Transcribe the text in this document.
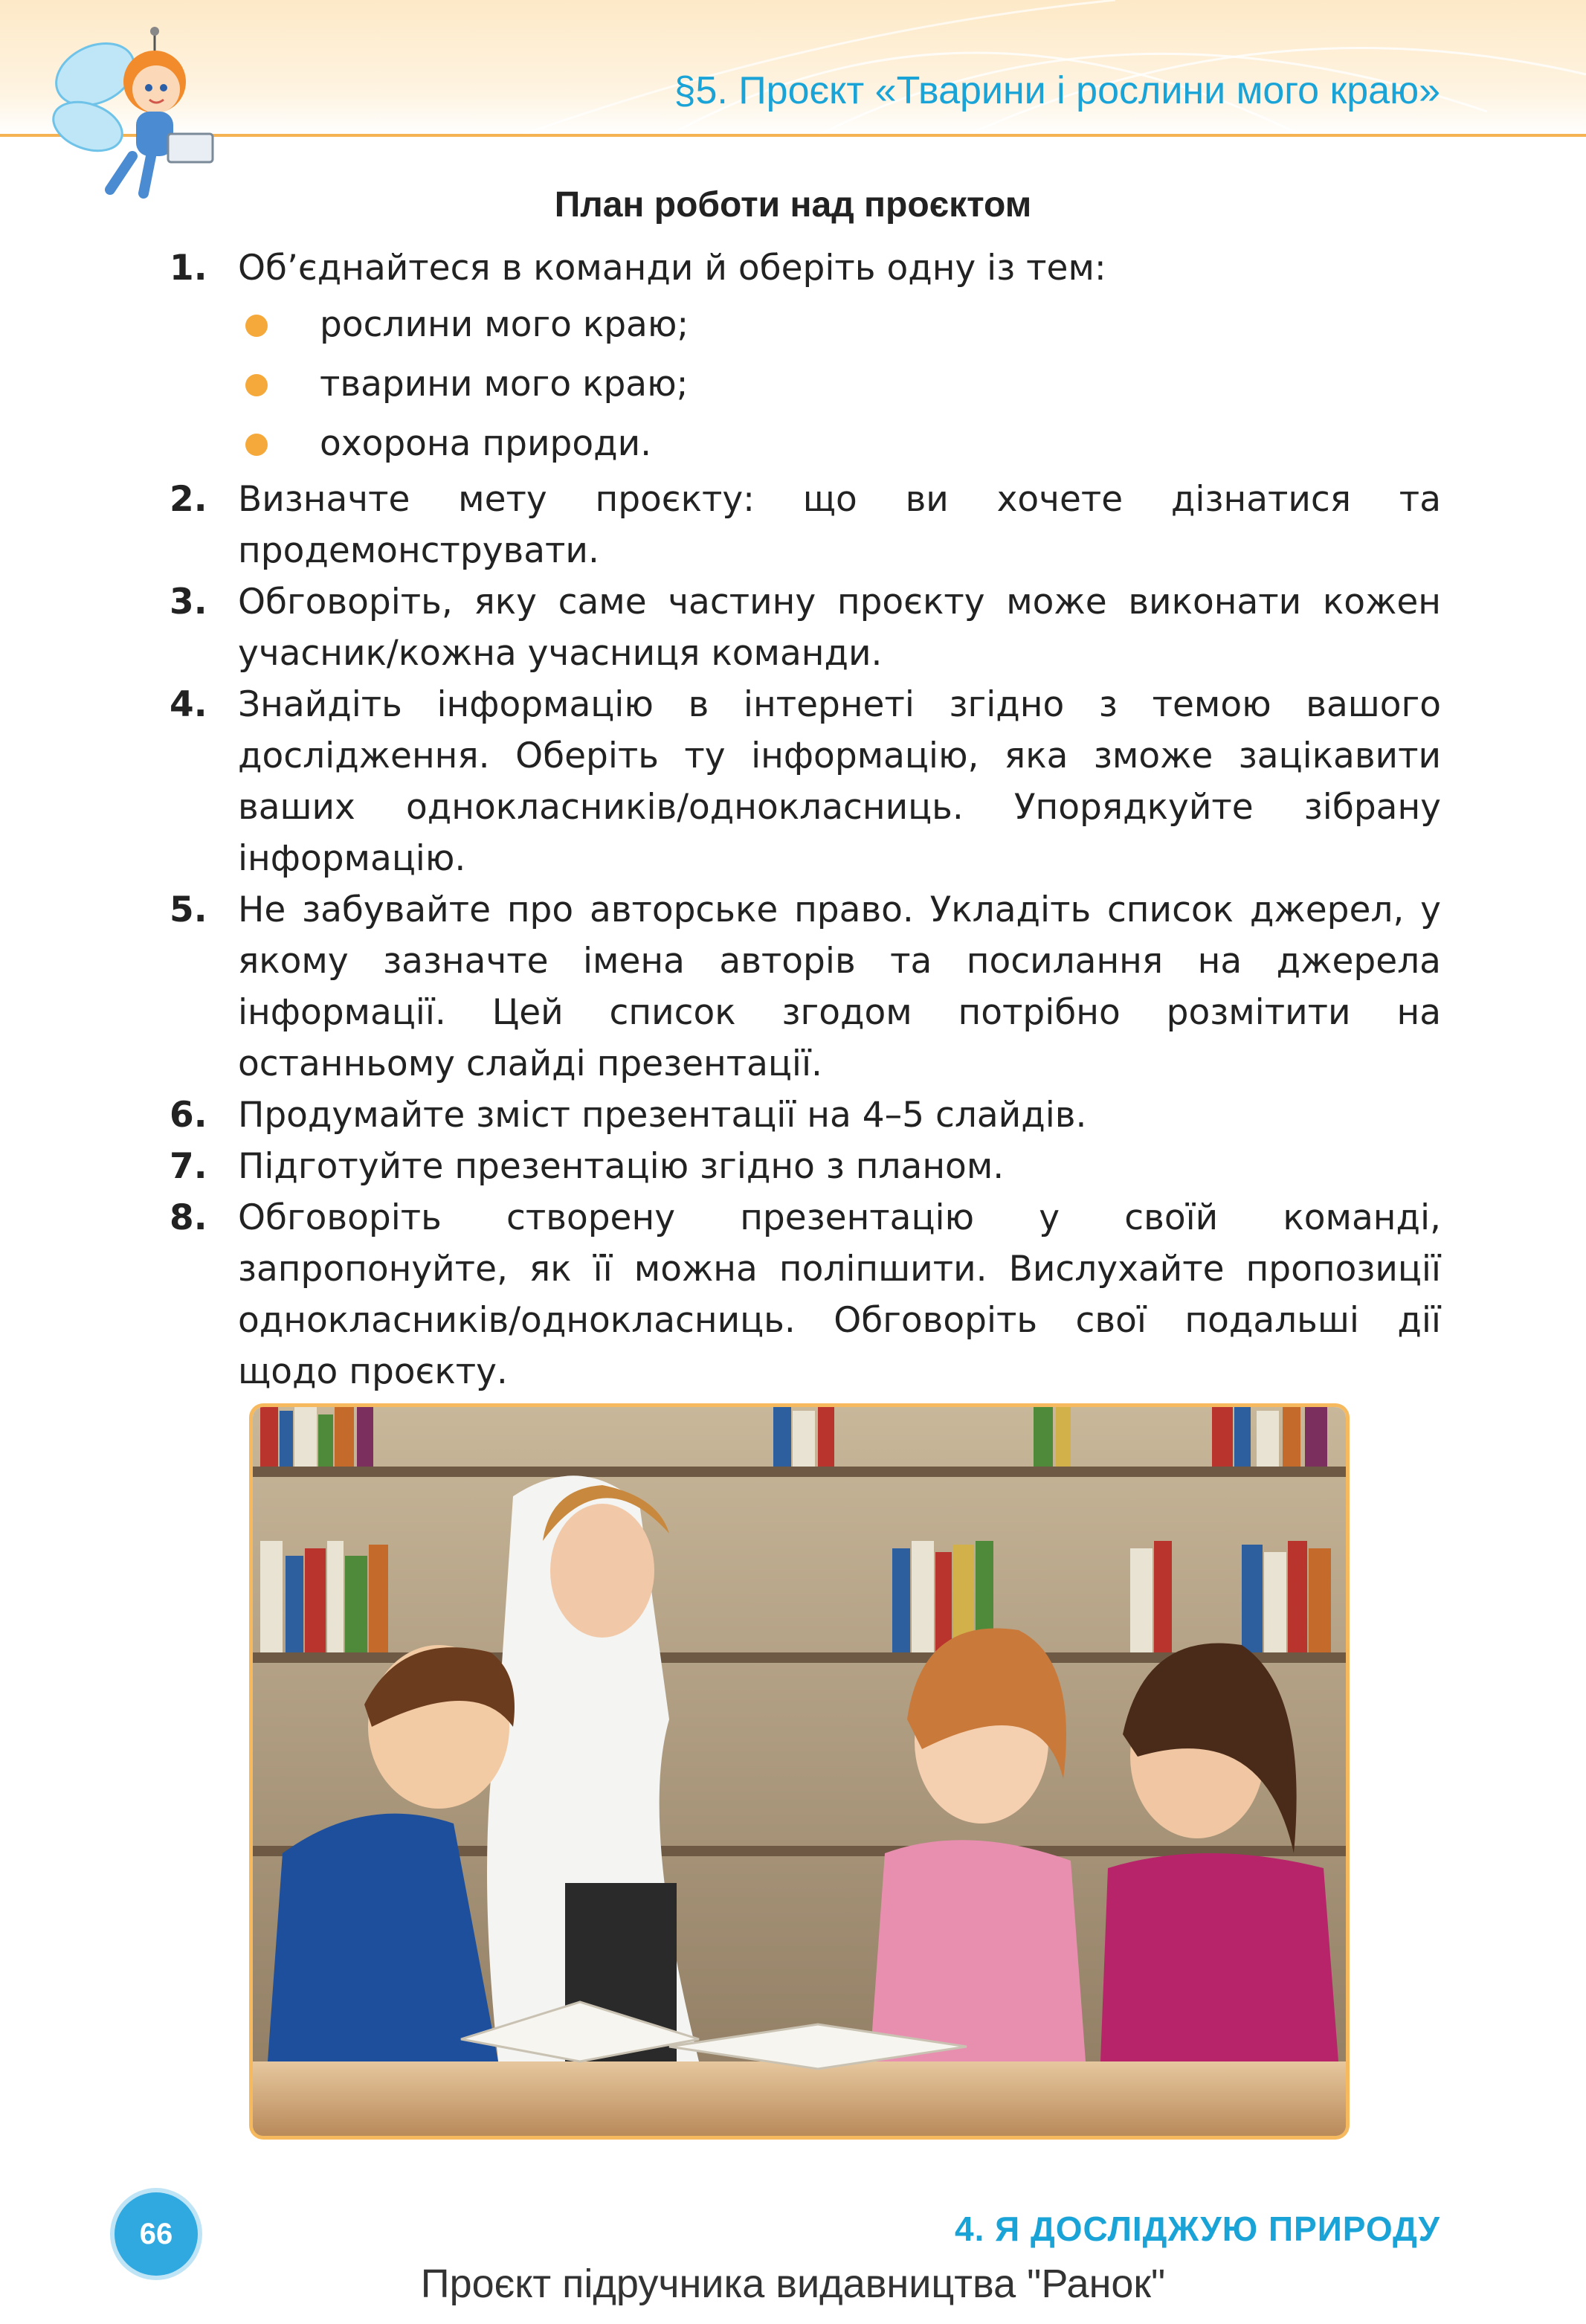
§5. Проєкт «Тварини і рослини мого краю»
План роботи над проєктом
1. Об’єднайтеся в команди й оберіть одну із тем:
рослини мого краю;
тварини мого краю;
охорона природи.
2. Визначте мету проєкту: що ви хочете дізнатися та продемонструвати.
3. Обговоріть, яку саме частину проєкту може виконати кожен учасник/кожна учасниця команди.
4. Знайдіть інформацію в інтернеті згідно з темою вашого дослідження. Оберіть ту інформацію, яка зможе зацікавити ваших однокласників/однокласниць. Упорядкуйте зібрану інформацію.
5. Не забувайте про авторське право. Укладіть список джерел, у якому зазначте імена авторів та посилання на джерела інформації. Цей список згодом потрібно розмітити на останньому слайді презентації.
6. Продумайте зміст презентації на 4–5 слайдів.
7. Підготуйте презентацію згідно з планом.
8. Обговоріть створену презентацію у своїй команді, запропонуйте, як її можна поліпшити. Вислухайте пропозиції однокласників/однокласниць. Обговоріть свої подальші дії щодо проєкту.
66	4. Я ДОСЛІДЖУЮ ПРИРОДУ
Проєкт підручника видавництва "Ранок"
